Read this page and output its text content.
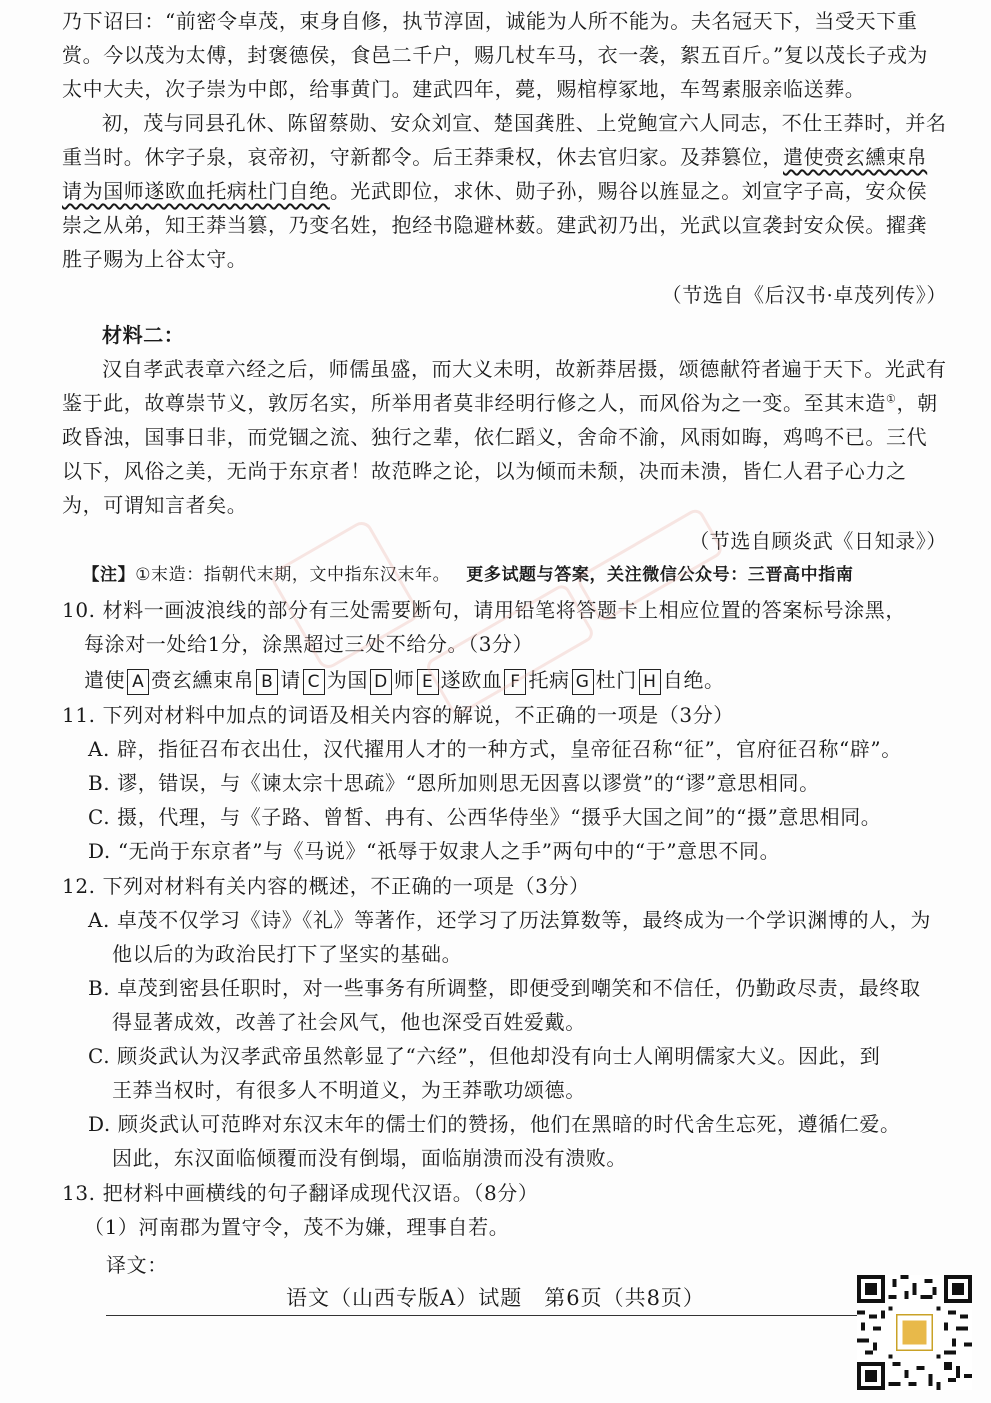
乃下诏曰：“前密令卓茂，束身自修，执节淳固，诚能为人所不能为。夫名冠天下，当受天下重赏。今以茂为太傅，封褒德侯，食邑二千户，赐几杖车马，衣一袭，絮五百斤。”复以茂长子戎为太中大夫，次子崇为中郎，给事黄门。建武四年，薨，赐棺椁冢地，车驾素服亲临送葬。

初，茂与同县孔休、陈留蔡勋、安众刘宣、楚国龚胜、上党鲍宣六人同志，不仕王莽时，并名重当时。休字子泉，哀帝初，守新都令。后王莽秉权，休去官归家。及莽篡位，遣使赍玄纁束帛请为国师遂欧血托病杜门自绝。光武即位，求休、勋子孙，赐谷以旌显之。刘宣字子高，安众侯崇之从弟，知王莽当篡，乃变名姓，抱经书隐避林薮。建武初乃出，光武以宣袭封安众侯。擢龚胜子赐为上谷太守。

（节选自《后汉书·卓茂列传》）

材料二：

汉自孝武表章六经之后，师儒虽盛，而大义未明，故新莽居摄，颂德献符者遍于天下。光武有鉴于此，故尊崇节义，敦厉名实，所举用者莫非经明行修之人，而风俗为之一变。至其末造①，朝政昏浊，国事日非，而党锢之流、独行之辈，依仁蹈义，舍命不渝，风雨如晦，鸡鸣不已。三代以下，风俗之美，无尚于东京者！故范晔之论，以为倾而未颓，决而未溃，皆仁人君子心力之为，可谓知言者矣。

（节选自顾炎武《日知录》）

【注】①末造：指朝代末期，文中指东汉末年。 更多试题与答案，关注微信公众号：三晋高中指南

10. 材料一画波浪线的部分有三处需要断句，请用铅笔将答题卡上相应位置的答案标号涂黑，

每涂对一处给1分，涂黑超过三处不给分。（3分）

遣使 A 赍玄纁束帛 B 请 C 为国 D 师 E 遂欧血 F 托病 G 杜门 H 自绝。

11. 下列对材料中加点的词语及相关内容的解说，不正确的一项是（3分）

A. 辟，指征召布衣出仕，汉代擢用人才的一种方式，皇帝征召称“征”，官府征召称“辟”。

B. 谬，错误，与《谏太宗十思疏》“恩所加则思无因喜以谬赏”的“谬”意思相同。

C. 摄，代理，与《子路、曾皙、冉有、公西华侍坐》“摄乎大国之间”的“摄”意思相同。

D. “无尚于东京者”与《马说》“祇辱于奴隶人之手”两句中的“于”意思不同。

12. 下列对材料有关内容的概述，不正确的一项是（3分）

A. 卓茂不仅学习《诗》《礼》等著作，还学习了历法算数等，最终成为一个学识渊博的人，为

他以后的为政治民打下了坚实的基础。

B. 卓茂到密县任职时，对一些事务有所调整，即便受到嘲笑和不信任，仍勤政尽责，最终取

得显著成效，改善了社会风气，他也深受百姓爱戴。

C. 顾炎武认为汉孝武帝虽然彰显了“六经”，但他却没有向士人阐明儒家大义。因此，到

王莽当权时，有很多人不明道义，为王莽歌功颂德。

D. 顾炎武认可范晔对东汉末年的儒士们的赞扬，他们在黑暗的时代舍生忘死，遵循仁爱。

因此，东汉面临倾覆而没有倒塌，面临崩溃而没有溃败。

13. 把材料中画横线的句子翻译成现代汉语。（8分）

（1）河南郡为置守令，茂不为嫌，理事自若。

译文：

语文（山西专版A）试题　第6页（共8页）
